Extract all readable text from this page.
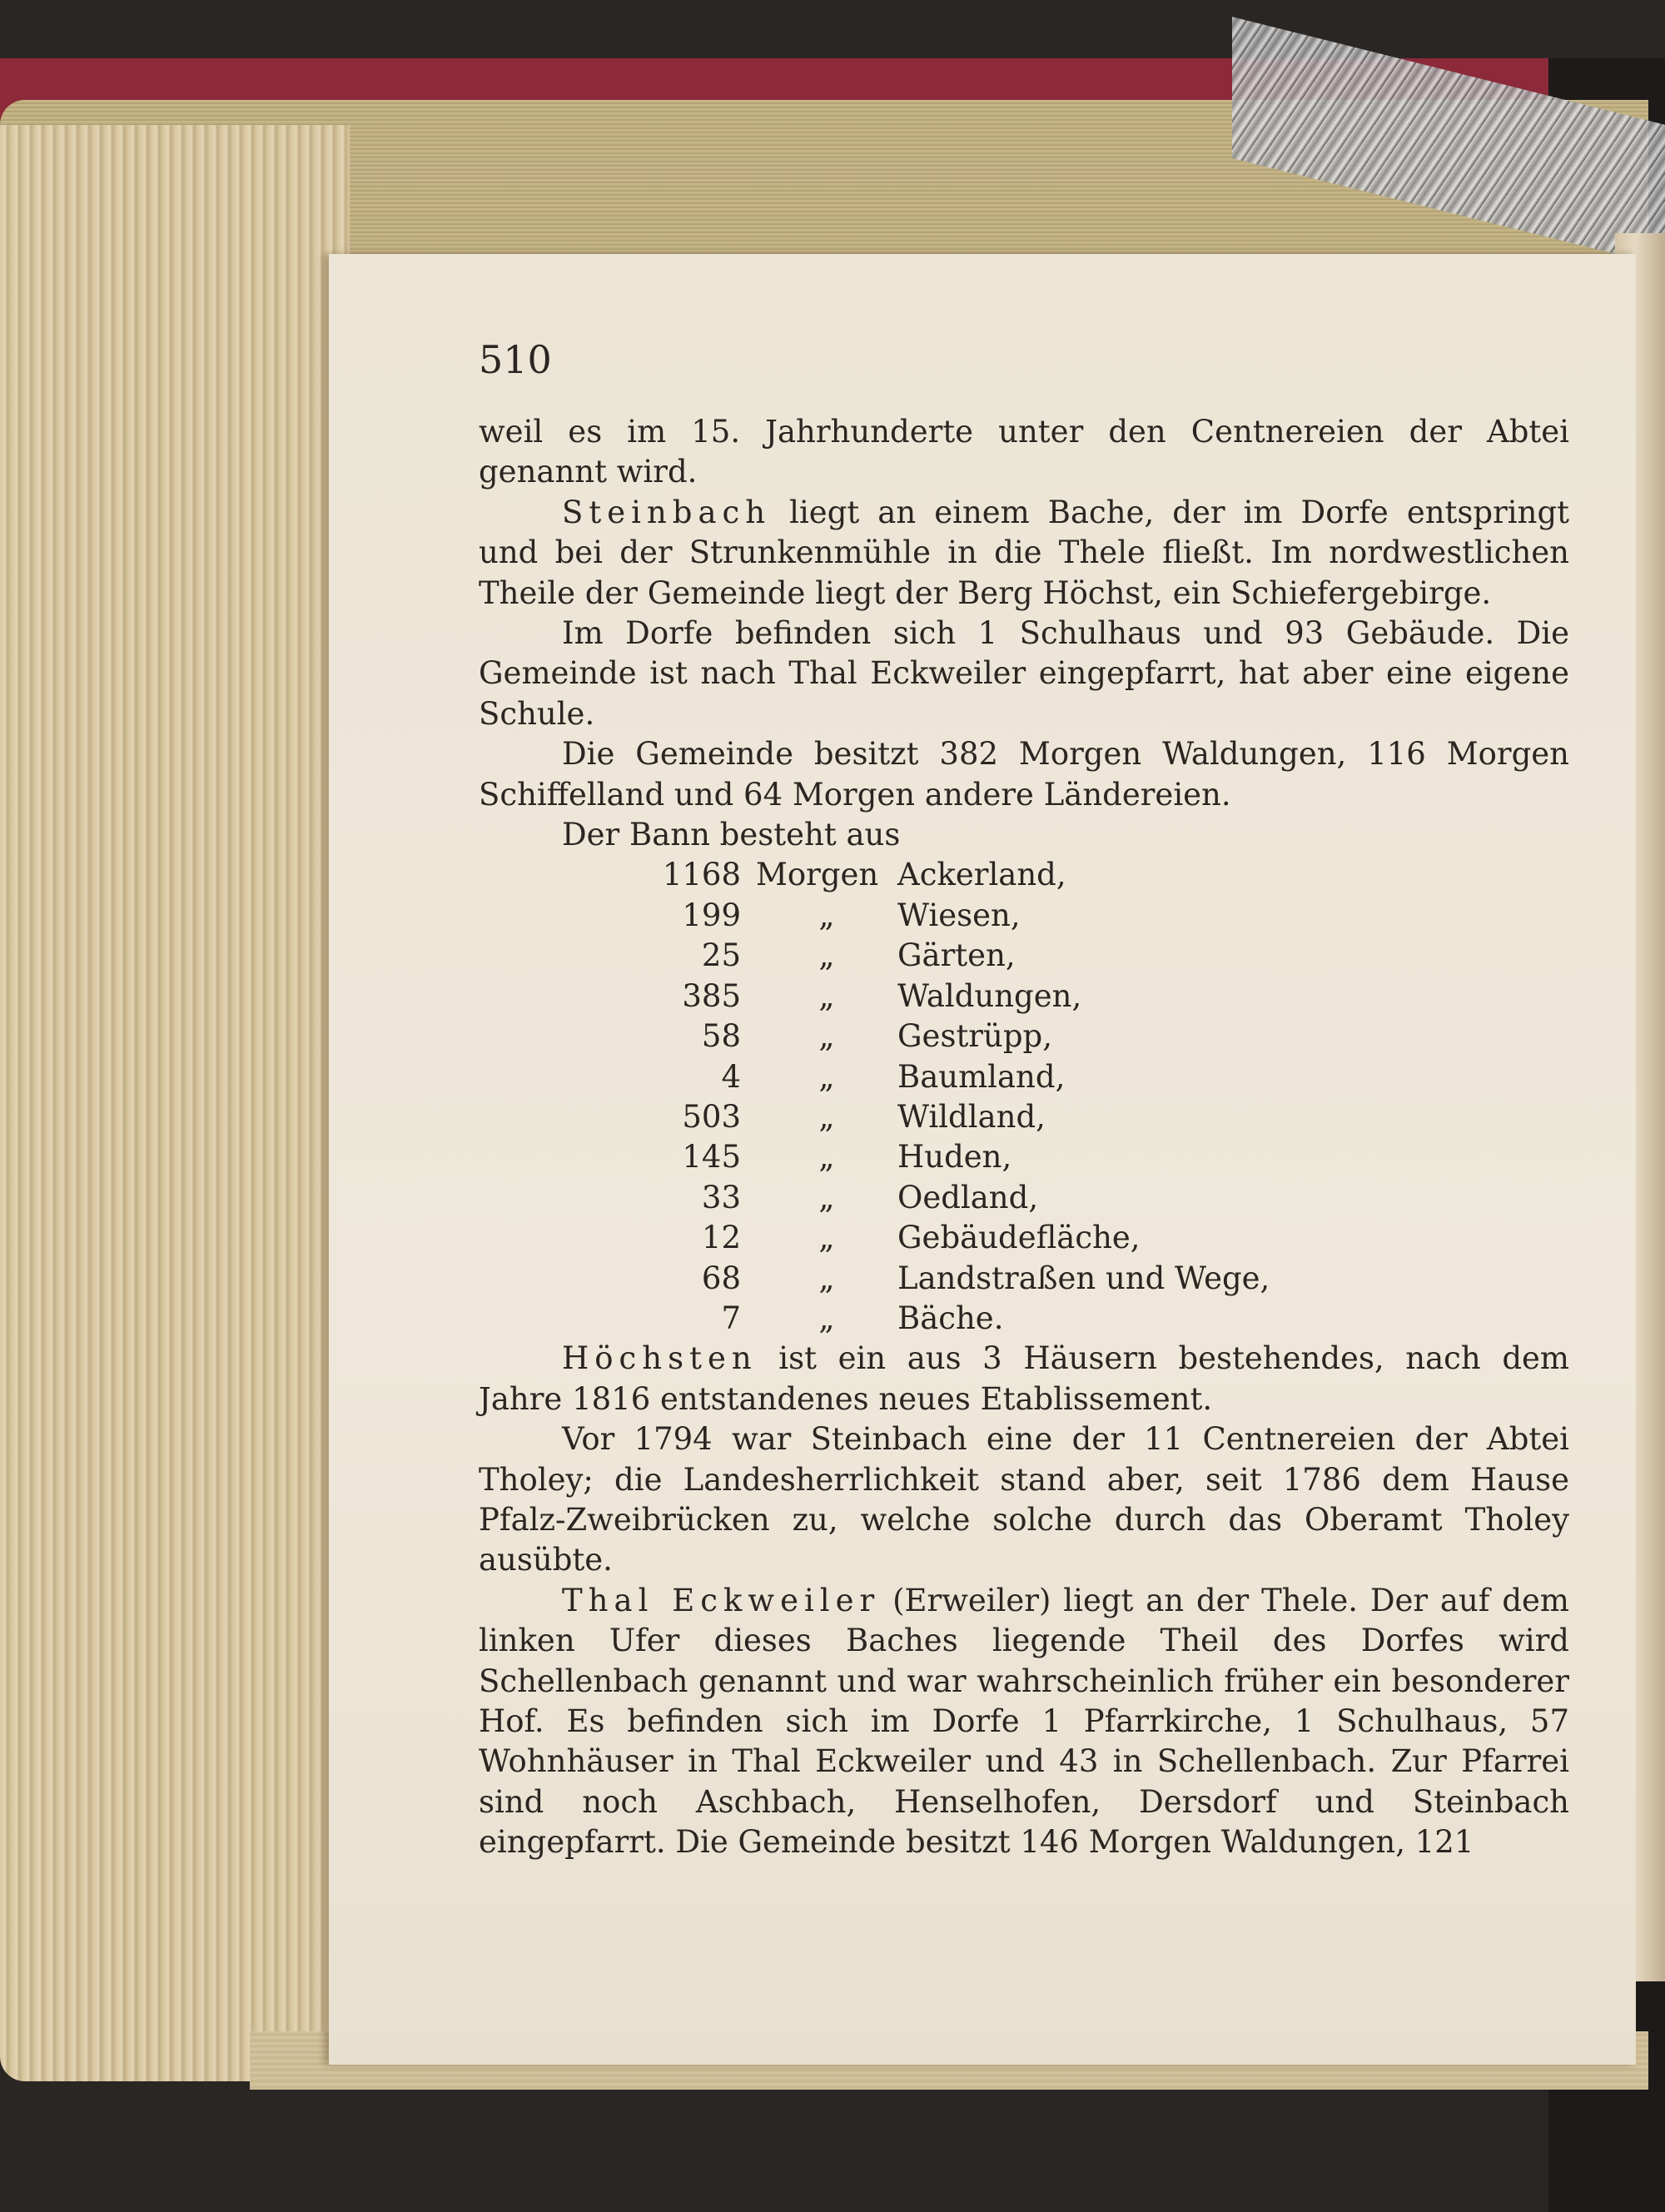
510

weil es im 15. Jahrhunderte unter den Centnereien der Abtei genannt wird.

Steinbach liegt an einem Bache, der im Dorfe entspringt und bei der Strunkenmühle in die Thele fließt. Im nordwestlichen Theile der Gemeinde liegt der Berg Höchst, ein Schiefergebirge.

Im Dorfe befinden sich 1 Schulhaus und 93 Gebäude. Die Gemeinde ist nach Thal Eckweiler eingepfarrt, hat aber eine eigene Schule.

Die Gemeinde besitzt 382 Morgen Waldungen, 116 Morgen Schiffelland und 64 Morgen andere Ländereien.

Der Bann besteht aus

1168	Morgen	Ackerland,
199	„	Wiesen,
25	„	Gärten,
385	„	Waldungen,
58	„	Gestrüpp,
4	„	Baumland,
503	„	Wildland,
145	„	Huden,
33	„	Oedland,
12	„	Gebäudefläche,
68	„	Landstraßen und Wege,
7	„	Bäche.

Höchsten ist ein aus 3 Häusern bestehendes, nach dem Jahre 1816 entstandenes neues Etablissement.

Vor 1794 war Steinbach eine der 11 Centnereien der Abtei Tholey; die Landesherrlichkeit stand aber, seit 1786 dem Hause Pfalz-Zweibrücken zu, welche solche durch das Oberamt Tholey ausübte.

Thal Eckweiler (Erweiler) liegt an der Thele. Der auf dem linken Ufer dieses Baches liegende Theil des Dorfes wird Schellenbach genannt und war wahrscheinlich früher ein besonderer Hof. Es befinden sich im Dorfe 1 Pfarrkirche, 1 Schulhaus, 57 Wohnhäuser in Thal Eckweiler und 43 in Schellenbach. Zur Pfarrei sind noch Aschbach, Henselhofen, Dersdorf und Steinbach eingepfarrt. Die Gemeinde besitzt 146 Morgen Waldungen, 121
